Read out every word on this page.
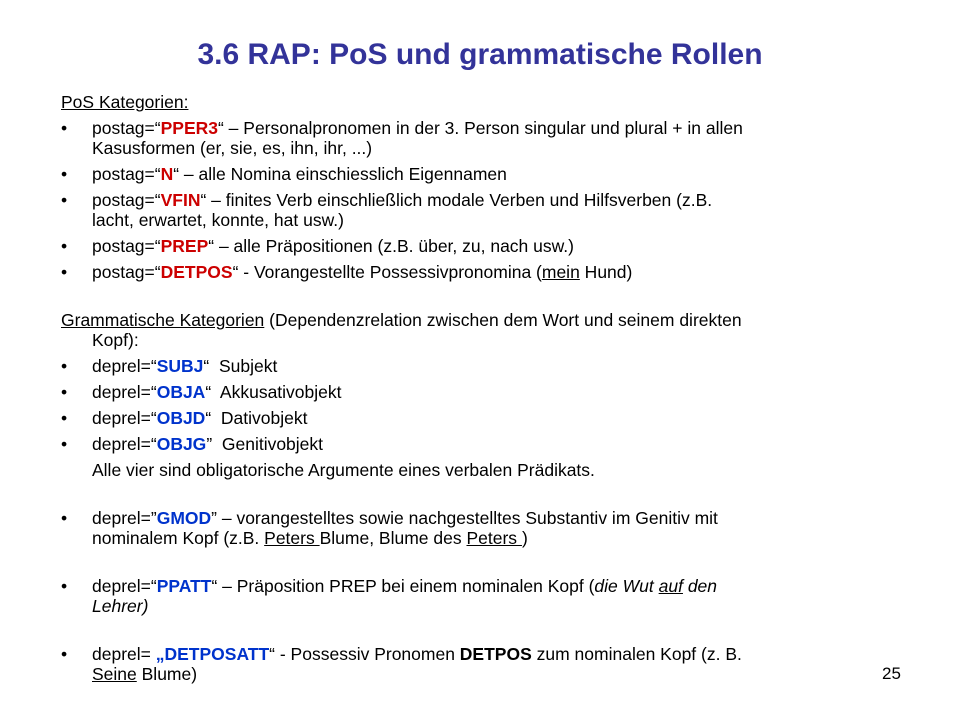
3.6 RAP: PoS und grammatische Rollen
PoS Kategorien:
• postag=“PPER3“ – Personalpronomen in der 3. Person singular und plural + in allen
Kasusformen (er, sie, es, ihn, ihr, ...)
• postag=“N“ – alle Nomina einschiesslich Eigennamen
• postag=“VFIN“ – finites Verb einschließlich modale Verben und Hilfsverben (z.B.
lacht, erwartet, konnte, hat usw.)
• postag=“PREP“ – alle Präpositionen (z.B. über, zu, nach usw.)
• postag=“DETPOS“ - Vorangestellte Possessivpronomina (mein Hund)
Grammatische Kategorien (Dependenzrelation zwischen dem Wort und seinem direkten
Kopf):
• deprel=“SUBJ“  Subjekt
• deprel=“OBJA“  Akkusativobjekt
• deprel=“OBJD“  Dativobjekt
• deprel=“OBJG”  Genitivobjekt
Alle vier sind obligatorische Argumente eines verbalen Prädikats.
• deprel=”GMOD” – vorangestelltes sowie nachgestelltes Substantiv im Genitiv mit
nominalem Kopf (z.B. Peters Blume, Blume des Peters )
• deprel=“PPATT“ – Präposition PREP bei einem nominalen Kopf (die Wut auf den
Lehrer)
• deprel= „DETPOSATT“ - Possessiv Pronomen DETPOS zum nominalen Kopf (z. B.
Seine Blume)	25
